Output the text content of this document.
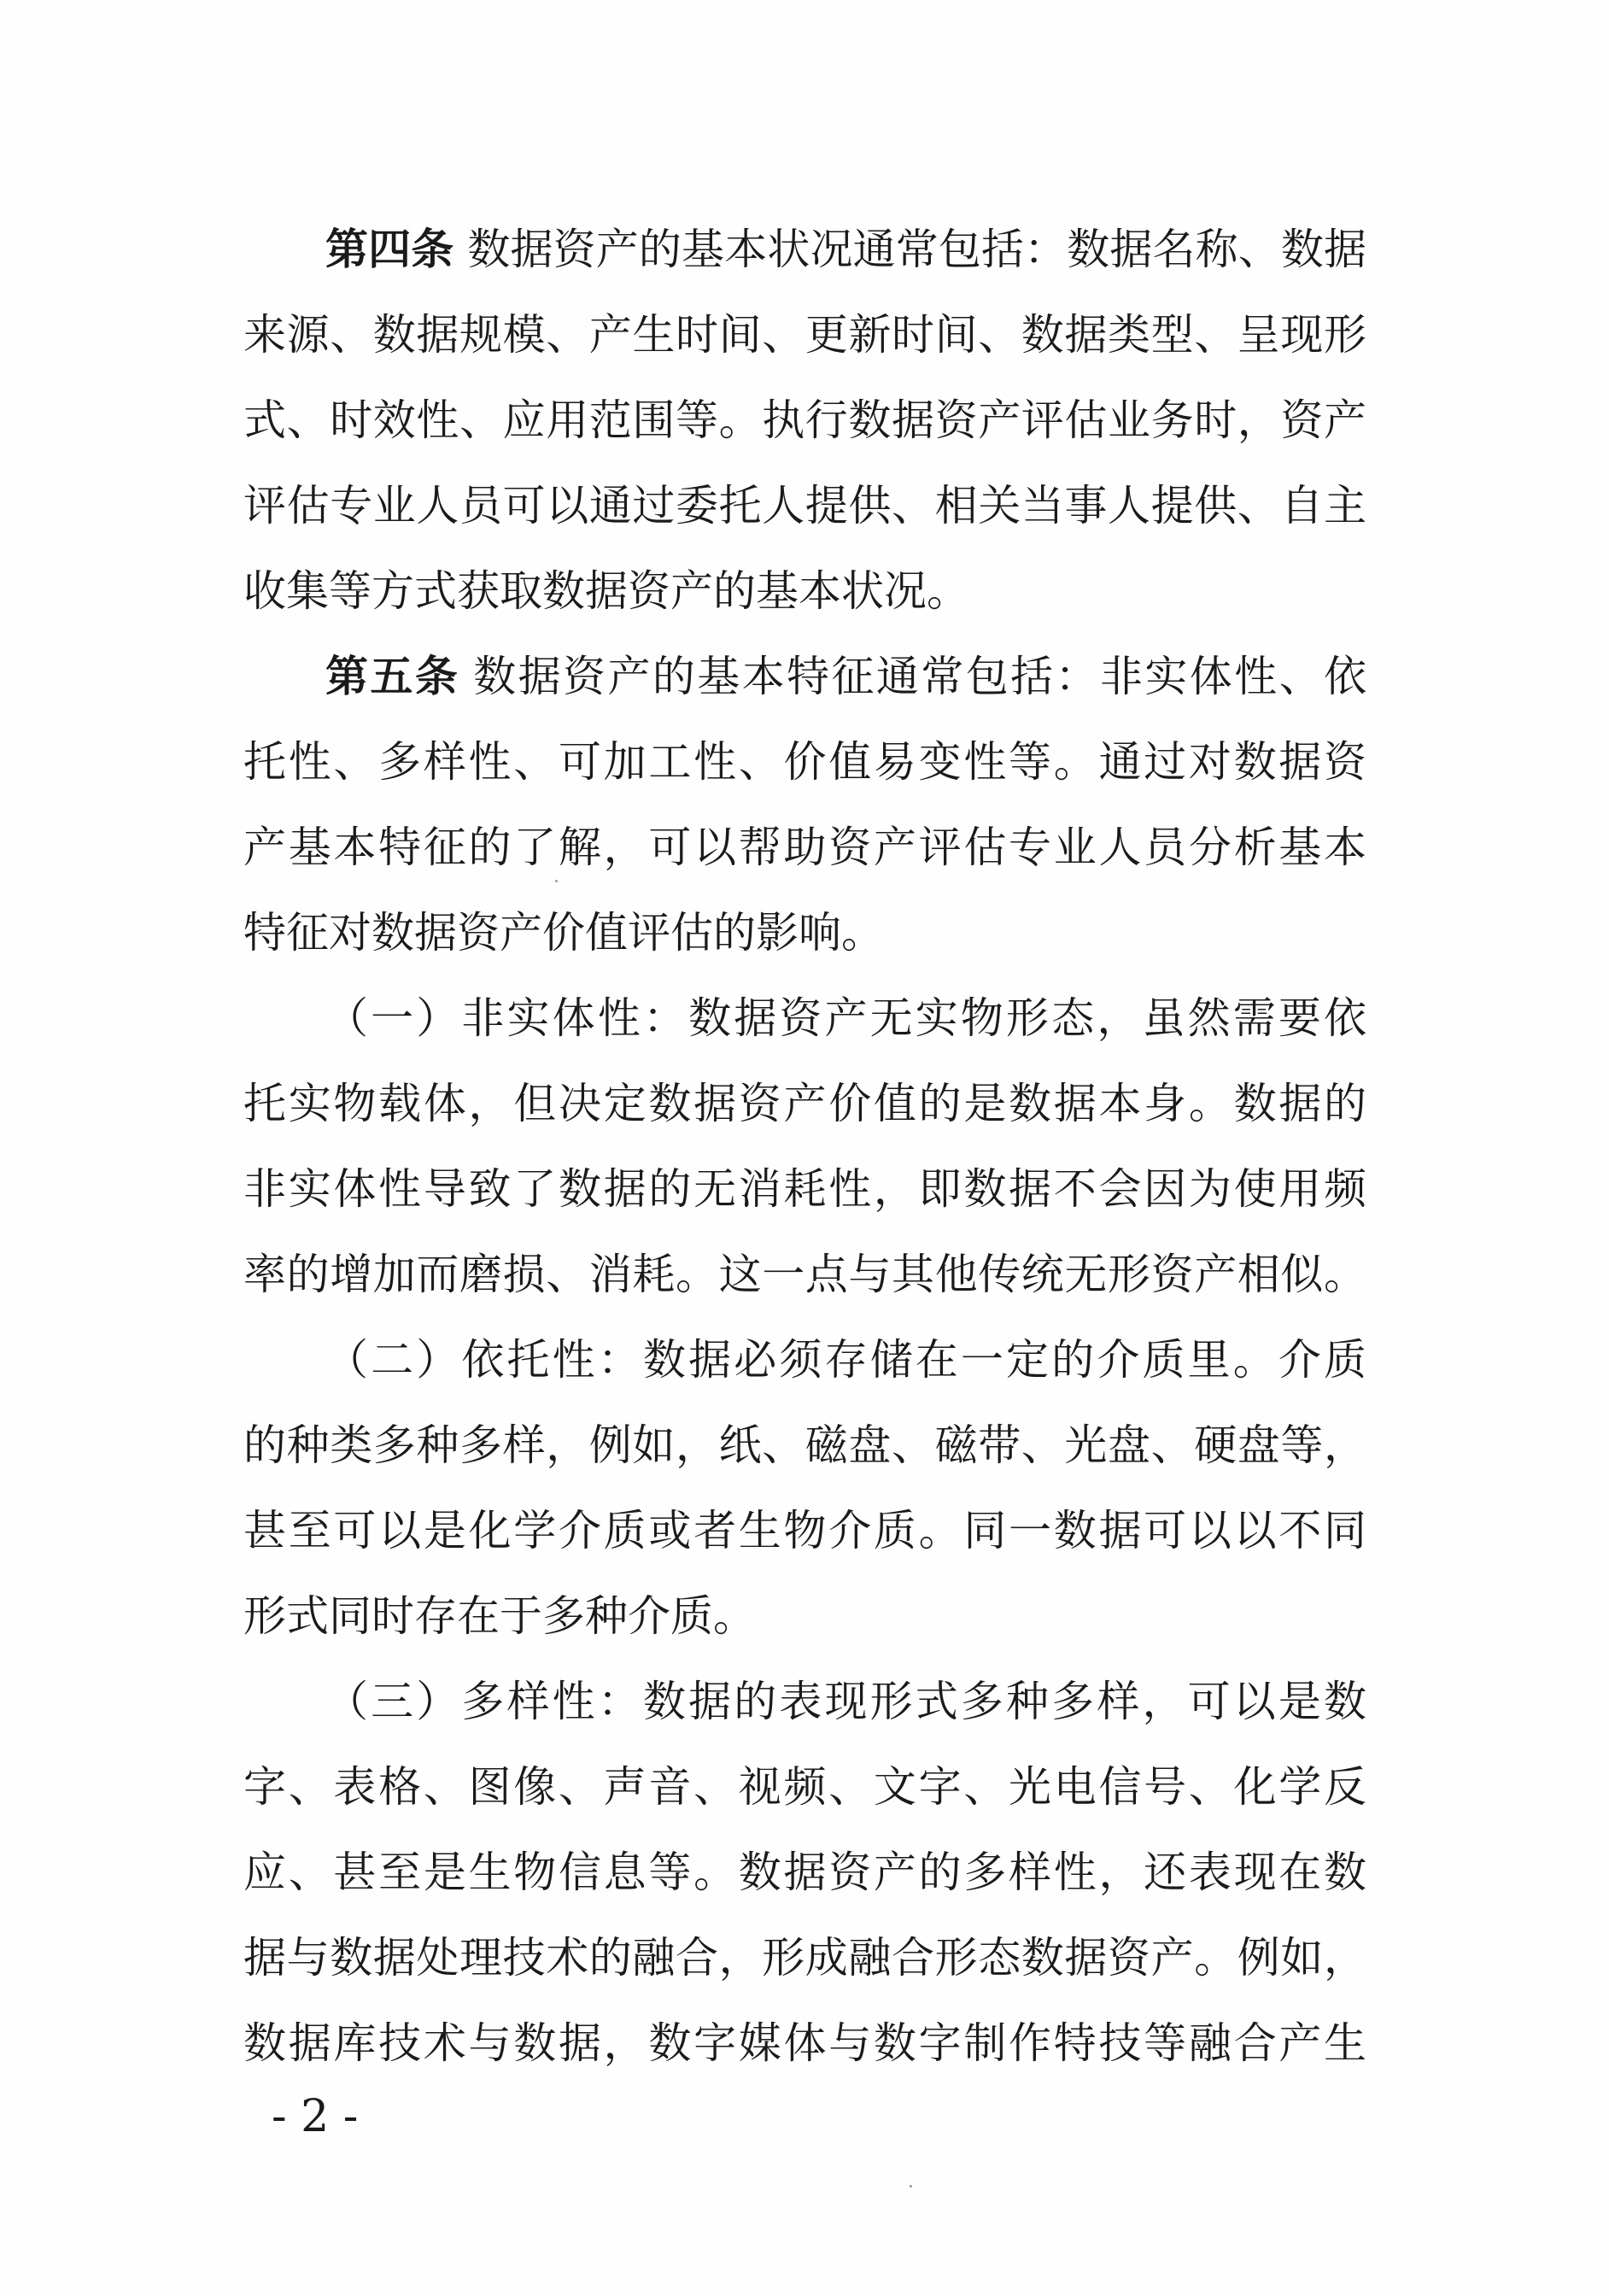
第四条 数据资产的基本状况通常包括：数据名称、数据
来源、数据规模、产生时间、更新时间、数据类型、呈现形
式、时效性、应用范围等。执行数据资产评估业务时，资产
评估专业人员可以通过委托人提供、相关当事人提供、自主
收集等方式获取数据资产的基本状况。
第五条 数据资产的基本特征通常包括：非实体性、依
托性、多样性、可加工性、价值易变性等。通过对数据资
产基本特征的了解，可以帮助资产评估专业人员分析基本
特征对数据资产价值评估的影响。
（一）非实体性：数据资产无实物形态，虽然需要依
托实物载体，但决定数据资产价值的是数据本身。数据的
非实体性导致了数据的无消耗性，即数据不会因为使用频
率的增加而磨损、消耗。这一点与其他传统无形资产相似。
（二）依托性：数据必须存储在一定的介质里。介质
的种类多种多样，例如，纸、磁盘、磁带、光盘、硬盘等，
甚至可以是化学介质或者生物介质。同一数据可以以不同
形式同时存在于多种介质。
（三）多样性：数据的表现形式多种多样，可以是数
字、表格、图像、声音、视频、文字、光电信号、化学反
应、甚至是生物信息等。数据资产的多样性，还表现在数
据与数据处理技术的融合，形成融合形态数据资产。例如，
数据库技术与数据，数字媒体与数字制作特技等融合产生
- 2 -
